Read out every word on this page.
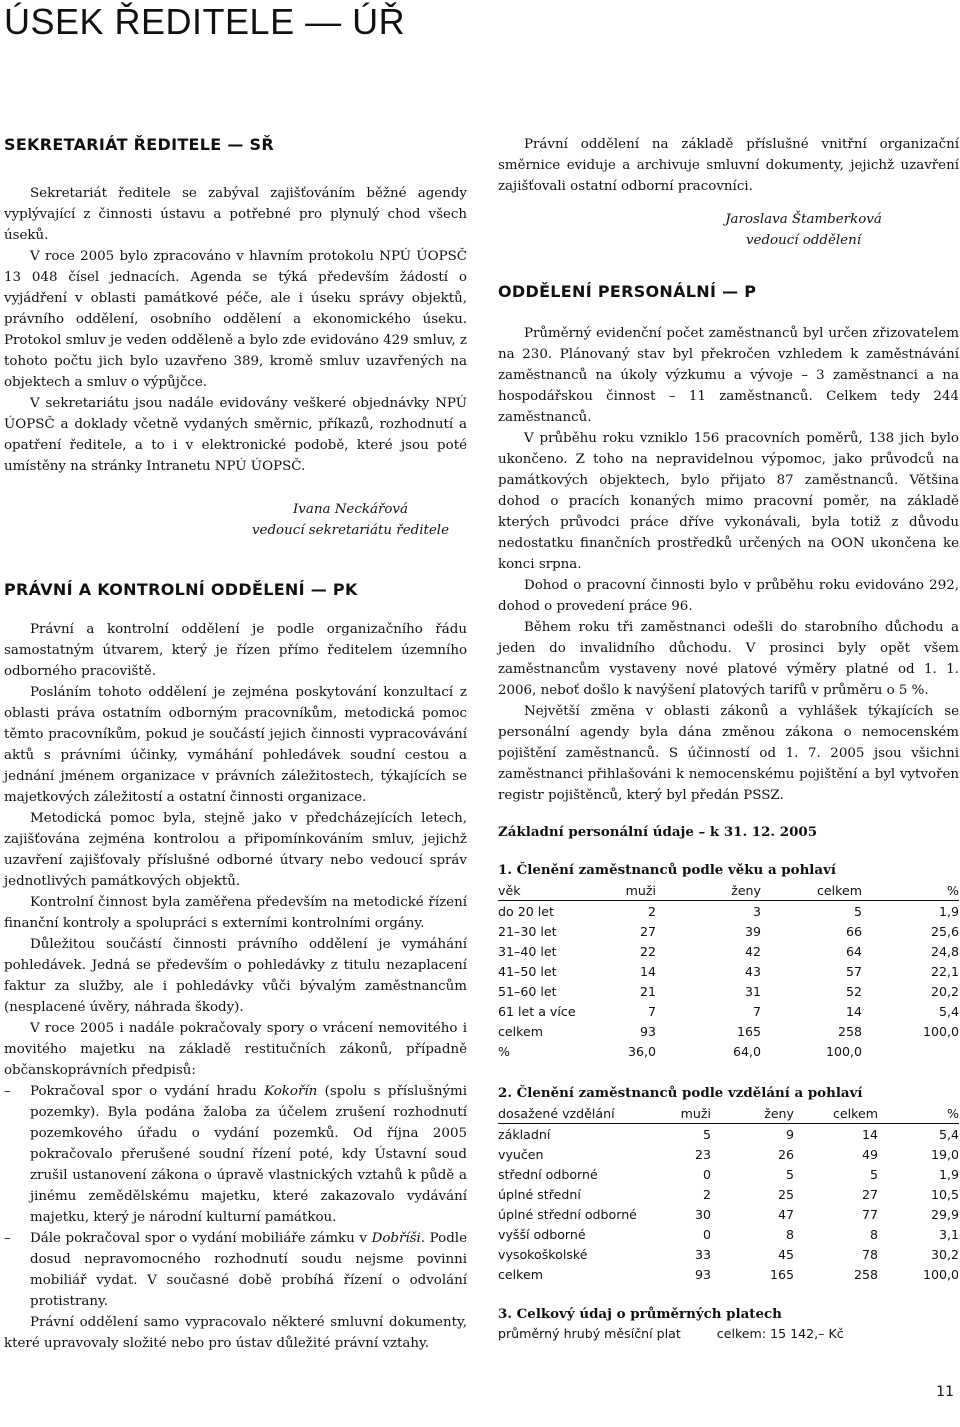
ÚSEK ŘEDITELE — ÚŘ
SEKRETARIÁT ŘEDITELE — SŘ

Sekretariát ředitele se zabýval zajišťováním běžné agendy vyplývající z činnosti ústavu a potřebné pro plynulý chod všech úseků.

V roce 2005 bylo zpracováno v hlavním protokolu NPÚ ÚOPSČ 13 048 čísel jednacích. Agenda se týká především žádostí o vyjádření v oblasti památkové péče, ale i úseku správy objektů, právního oddělení, osobního oddělení a ekonomického úseku. Protokol smluv je veden odděleně a bylo zde evidováno 429 smluv, z tohoto počtu jich bylo uzavřeno 389, kromě smluv uzavřených na objektech a smluv o výpůjčce.

V sekretariátu jsou nadále evidovány veškeré objednávky NPÚ ÚOPSČ a doklady včetně vydaných směrnic, příkazů, rozhodnutí a opatření ředitele, a to i v elektronické podobě, které jsou poté umístěny na stránky Intranetu NPÚ ÚOPSČ.

Ivana Neckářová
vedoucí sekretariátu ředitele
PRÁVNÍ A KONTROLNÍ ODDĚLENÍ — PK

Právní a kontrolní oddělení je podle organizačního řádu samostatným útvarem, který je řízen přímo ředitelem územního odborného pracoviště.

Posláním tohoto oddělení je zejména poskytování konzultací z oblasti práva ostatním odborným pracovníkům, metodická pomoc těmto pracovníkům, pokud je součástí jejich činnosti vypracovávání aktů s právními účinky, vymáhání pohledávek soudní cestou a jednání jménem organizace v právních záležitostech, týkajících se majetkových záležitostí a ostatní činnosti organizace.

Metodická pomoc byla, stejně jako v předcházejících letech, zajišťována zejména kontrolou a připomínkováním smluv, jejichž uzavření zajišťovaly příslušné odborné útvary nebo vedoucí správ jednotlivých památkových objektů.

Kontrolní činnost byla zaměřena především na metodické řízení finanční kontroly a spolupráci s externími kontrolními orgány.

Důležitou součástí činnosti právního oddělení je vymáhání pohledávek. Jedná se především o pohledávky z titulu nezaplacení faktur za služby, ale i pohledávky vůči bývalým zaměstnancům (nesplacené úvěry, náhrada škody).

V roce 2005 i nadále pokračovaly spory o vrácení nemovitého i movitého majetku na základě restitučních zákonů, případně občanskoprávních předpisů:

–	Pokračoval spor o vydání hradu Kokořín (spolu s příslušnými pozemky). Byla podána žaloba za účelem zrušení rozhodnutí pozemkového úřadu o vydání pozemků. Od října 2005 pokračovalo přerušené soudní řízení poté, kdy Ústavní soud zrušil ustanovení zákona o úpravě vlastnických vztahů k půdě a jinému zemědělskému majetku, které zakazovalo vydávání majetku, který je národní kulturní památkou.
–	Dále pokračoval spor o vydání mobiliáře zámku v Dobříši. Podle dosud nepravomocného rozhodnutí soudu nejsme povinni mobiliář vydat. V současné době probíhá řízení o odvolání protistrany.

Právní oddělení samo vypracovalo některé smluvní dokumenty, které upravovaly složité nebo pro ústav důležité právní vztahy.

Právní oddělení na základě příslušné vnitřní organizační směrnice eviduje a archivuje smluvní dokumenty, jejichž uzavření zajišťovali ostatní odborní pracovníci.

Jaroslava Štamberková
vedoucí oddělení
ODDĚLENÍ PERSONÁLNÍ — P

Průměrný evidenční počet zaměstnanců byl určen zřizovatelem na 230. Plánovaný stav byl překročen vzhledem k zaměstnávání zaměstnanců na úkoly výzkumu a vývoje – 3 zaměstnanci a na hospodářskou činnost – 11 zaměstnanců. Celkem tedy 244 zaměstnanců.

V průběhu roku vzniklo 156 pracovních poměrů, 138 jich bylo ukončeno. Z toho na nepravidelnou výpomoc, jako průvodců na památkových objektech, bylo přijato 87 zaměstnanců. Většina dohod o pracích konaných mimo pracovní poměr, na základě kterých průvodci práce dříve vykonávali, byla totiž z důvodu nedostatku finančních prostředků určených na OON ukončena ke konci srpna.

Dohod o pracovní činnosti bylo v průběhu roku evidováno 292, dohod o provedení práce 96.

Během roku tři zaměstnanci odešli do starobního důchodu a jeden do invalidního důchodu. V prosinci byly opět všem zaměstnancům vystaveny nové platové výměry platné od 1. 1. 2006, neboť došlo k navýšení platových tarifů v průměru o 5 %.

Největší změna v oblasti zákonů a vyhlášek týkajících se personální agendy byla dána změnou zákona o nemocenském pojištění zaměstnanců. S účinností od 1. 7. 2005 jsou všichni zaměstnanci přihlašováni k nemocenskému pojištění a byl vytvořen registr pojištěnců, který byl předán PSSZ.

Základní personální údaje – k 31. 12. 2005
1. Členění zaměstnanců podle věku a pohlaví
věk	muži	ženy	celkem	%
do 20 let	2	3	5	1,9
21–30 let	27	39	66	25,6
31–40 let	22	42	64	24,8
41–50 let	14	43	57	22,1
51–60 let	21	31	52	20,2
61 let a více	7	7	14	5,4
celkem	93	165	258	100,0
%	36,0	64,0	100,0	
2. Členění zaměstnanců podle vzdělání a pohlaví
dosažené vzdělání	muži	ženy	celkem	%
základní	5	9	14	5,4
vyučen	23	26	49	19,0
střední odborné	0	5	5	1,9
úplné střední	2	25	27	10,5
úplné střední odborné	30	47	77	29,9
vyšší odborné	0	8	8	3,1
vysokoškolské	33	45	78	30,2
celkem	93	165	258	100,0
3. Celkový údaj o průměrných platech
průměrný hrubý měsíční plat	celkem: 15 142,– Kč
11
